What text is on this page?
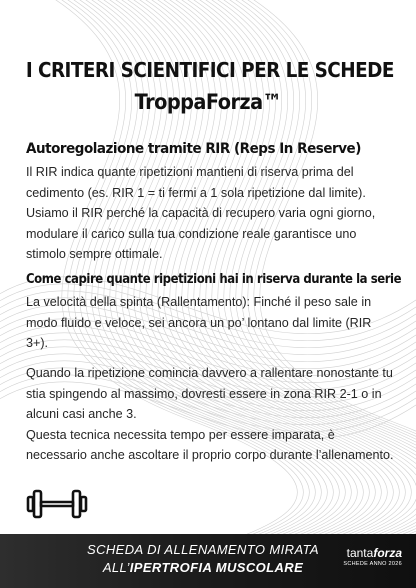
I CRITERI SCIENTIFICI PER LE SCHEDE
TroppaForza™
Autoregolazione tramite RIR (Reps In Reserve)
Il RIR indica quante ripetizioni mantieni di riserva prima del cedimento (es. RIR 1 = ti fermi a 1 sola ripetizione dal limite). Usiamo il RIR perché la capacità di recupero varia ogni giorno, modulare il carico sulla tua condizione reale garantisce uno stimolo sempre ottimale.
Come capire quante ripetizioni hai in riserva durante la serie
La velocità della spinta (Rallentamento): Finché il peso sale in modo fluido e veloce, sei ancora un po’ lontano dal limite (RIR 3+).
Quando la ripetizione comincia davvero a rallentare nonostante tu stia spingendo al massimo, dovresti essere in zona RIR 2-1 o in alcuni casi anche 3.
Questa tecnica necessita tempo per essere imparata, è necessario anche ascoltare il proprio corpo durante l’allenamento.
SCHEDA DI ALLENAMENTO MIRATA
ALL’IPERTROFIA MUSCOLARE
tantaforza
SCHEDE ANNO 2026
